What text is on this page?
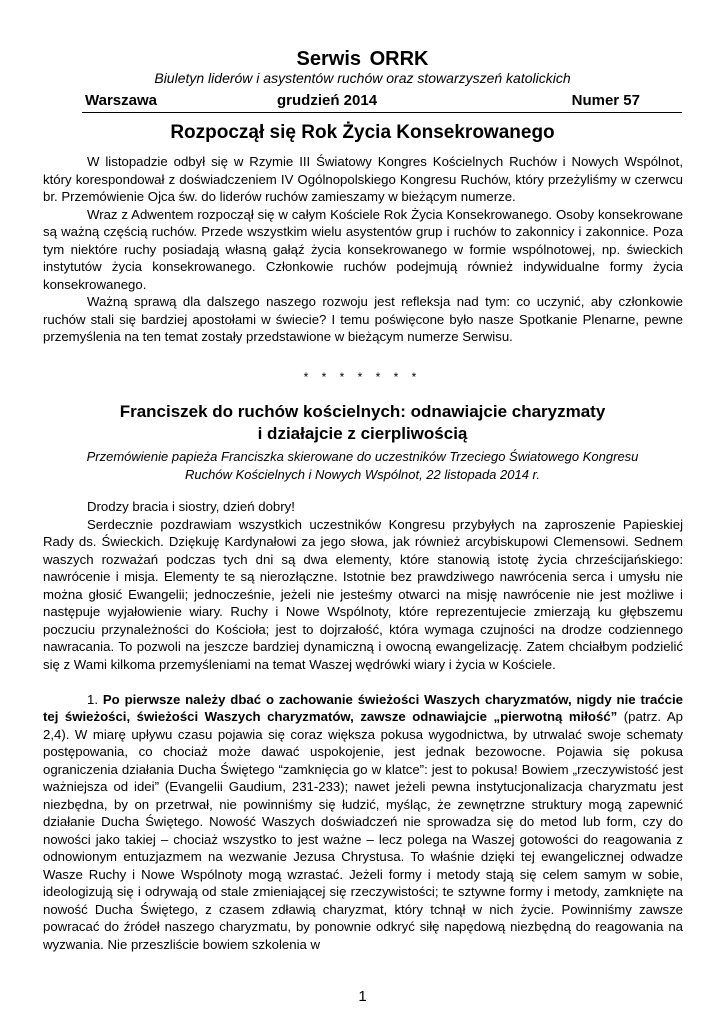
Serwis ORRK
Biuletyn liderów i asystentów ruchów oraz stowarzyszeń katolickich
Warszawa	grudzień 2014	Numer 57
Rozpoczął się Rok Życia Konsekrowanego

W listopadzie odbył się w Rzymie III Światowy Kongres Kościelnych Ruchów i Nowych Wspólnot, który korespondował z doświadczeniem IV Ogólnopolskiego Kongresu Ruchów, który przeżyliśmy w czerwcu br. Przemówienie Ojca św. do liderów ruchów zamieszamy w bieżącym numerze.

Wraz z Adwentem rozpoczął się w całym Kościele Rok Życia Konsekrowanego. Osoby konsekrowane są ważną częścią ruchów. Przede wszystkim wielu asystentów grup i ruchów to zakonnicy i zakonnice. Poza tym niektóre ruchy posiadają własną gałąź życia konsekrowanego w formie wspólnotowej, np. świeckich instytutów życia konsekrowanego. Członkowie ruchów podejmują również indywidualne formy życia konsekrowanego.

Ważną sprawą dla dalszego naszego rozwoju jest refleksja nad tym: co uczynić, aby członkowie ruchów stali się bardziej apostołami w świecie? I temu poświęcone było nasze Spotkanie Plenarne, pewne przemyślenia na ten temat zostały przedstawione w bieżącym numerze Serwisu.

* * * * * * *
Franciszek do ruchów kościelnych: odnawiajcie charyzmaty
i działajcie z cierpliwością
Przemówienie papieża Franciszka skierowane do uczestników Trzeciego Światowego Kongresu
Ruchów Kościelnych i Nowych Wspólnot, 22 listopada 2014 r.

Drodzy bracia i siostry, dzień dobry!

Serdecznie pozdrawiam wszystkich uczestników Kongresu przybyłych na zaproszenie Papieskiej Rady ds. Świeckich. Dziękuję Kardynałowi za jego słowa, jak również arcybiskupowi Clemensowi. Sednem waszych rozważań podczas tych dni są dwa elementy, które stanowią istotę życia chrześcijańskiego: nawrócenie i misja. Elementy te są nierozłączne. Istotnie bez prawdziwego nawrócenia serca i umysłu nie można głosić Ewangelii; jednocześnie, jeżeli nie jesteśmy otwarci na misję nawrócenie nie jest możliwe i następuje wyjałowienie wiary. Ruchy i Nowe Wspólnoty, które reprezentujecie zmierzają ku głębszemu poczuciu przynależności do Kościoła; jest to dojrzałość, która wymaga czujności na drodze codziennego nawracania. To pozwoli na jeszcze bardziej dynamiczną i owocną ewangelizację. Zatem chciałbym podzielić się z Wami kilkoma przemyśleniami na temat Waszej wędrówki wiary i życia w Kościele.

1. Po pierwsze należy dbać o zachowanie świeżości Waszych charyzmatów, nigdy nie traćcie tej świeżości, świeżości Waszych charyzmatów, zawsze odnawiajcie „pierwotną miłość” (patrz. Ap 2,4). W miarę upływu czasu pojawia się coraz większa pokusa wygodnictwa, by utrwalać swoje schematy postępowania, co chociaż może dawać uspokojenie, jest jednak bezowocne. Pojawia się pokusa ograniczenia działania Ducha Świętego “zamknięcia go w klatce”: jest to pokusa! Bowiem „rzeczywistość jest ważniejsza od idei” (Evangelii Gaudium, 231-233); nawet jeżeli pewna instytucjonalizacja charyzmatu jest niezbędna, by on przetrwał, nie powinniśmy się łudzić, myśląc, że zewnętrzne struktury mogą zapewnić działanie Ducha Świętego. Nowość Waszych doświadczeń nie sprowadza się do metod lub form, czy do nowości jako takiej – chociaż wszystko to jest ważne – lecz polega na Waszej gotowości do reagowania z odnowionym entuzjazmem na wezwanie Jezusa Chrystusa. To właśnie dzięki tej ewangelicznej odwadze Wasze Ruchy i Nowe Wspólnoty mogą wzrastać. Jeżeli formy i metody stają się celem samym w sobie, ideologizują się i odrywają od stale zmieniającej się rzeczywistości; te sztywne formy i metody, zamknięte na nowość Ducha Świętego, z czasem zdławią charyzmat, który tchnął w nich życie. Powinniśmy zawsze powracać do źródeł naszego charyzmatu, by ponownie odkryć siłę napędową niezbędną do reagowania na wyzwania. Nie przeszliście bowiem szkolenia w

1
